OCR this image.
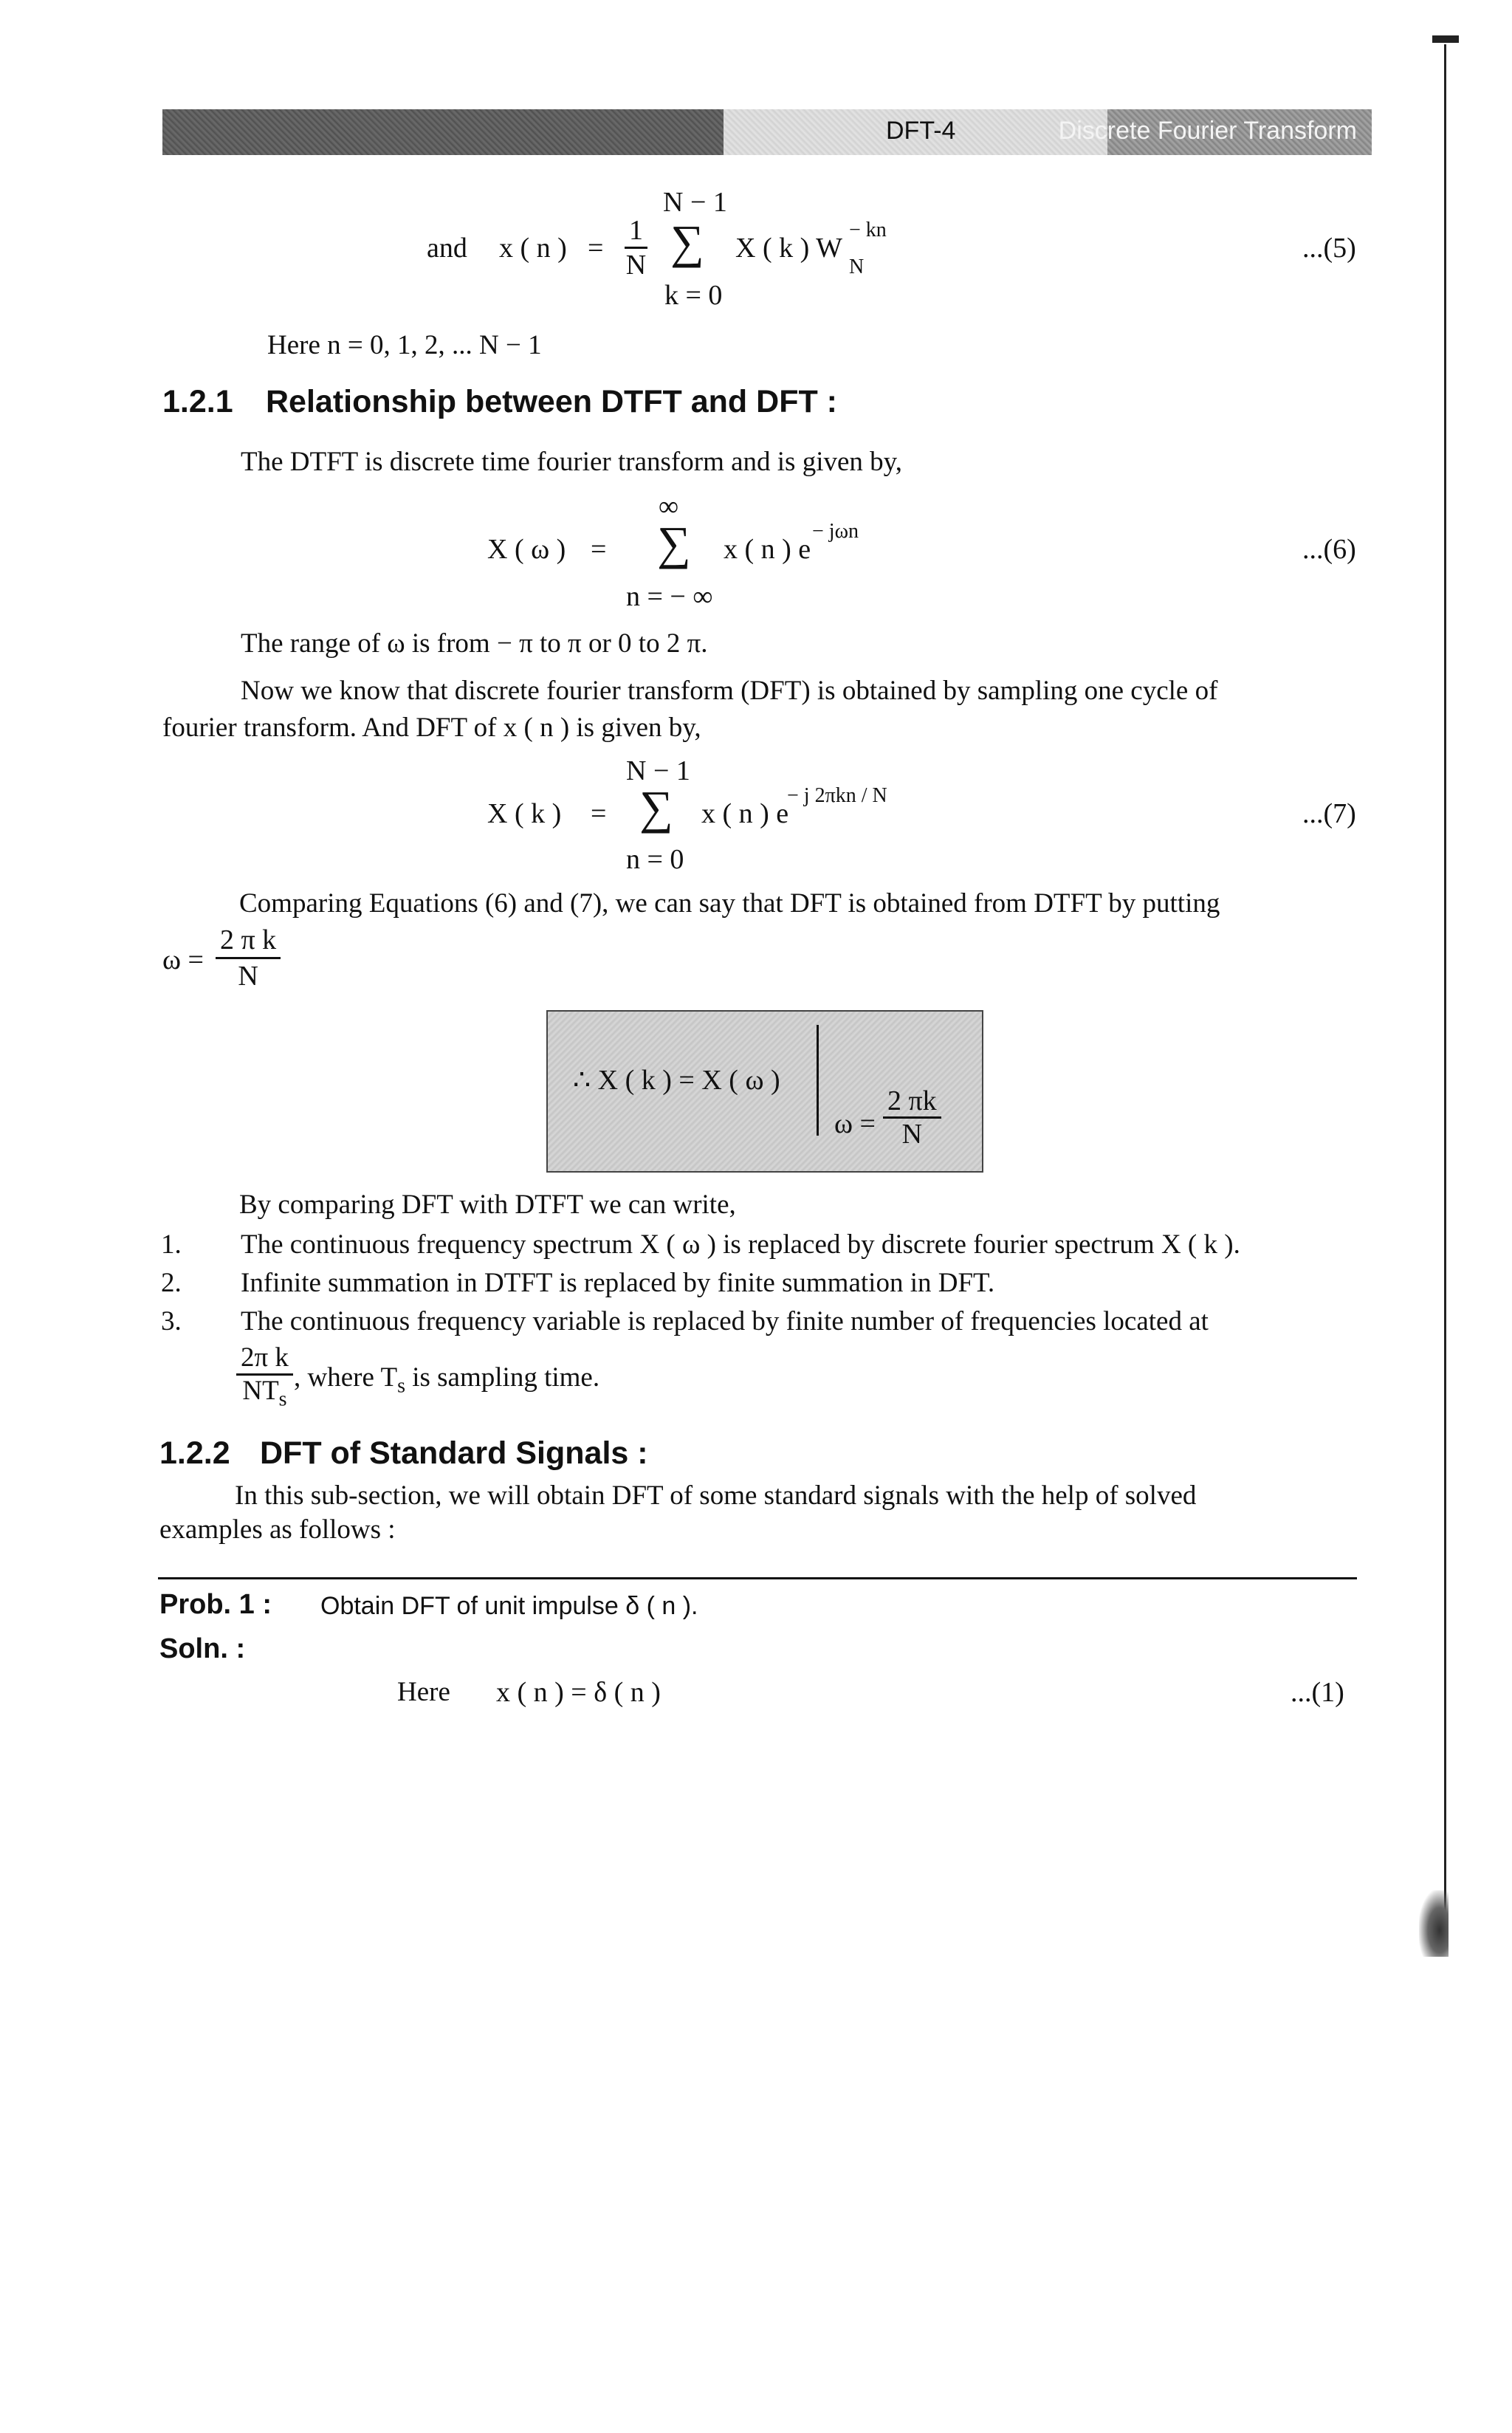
DFT-4	Discrete Fourier Transform
and x ( n ) = $\frac{1}{N}$
N − 1
∑ X ( k ) W
− kn
N
k = 0
...(5)
Here n = 0, 1, 2, ... N − 1
1.2.1 Relationship between DTFT and DFT :
The DTFT is discrete time fourier transform and is given by,
X ( ω ) =
∞
∑ x ( n ) e
− jωn
n = − ∞
...(6)
The range of ω is from − π to π or 0 to 2 π.
Now we know that discrete fourier transform (DFT) is obtained by sampling one cycle of
fourier transform. And DFT of x ( n ) is given by,
X ( k ) =
N − 1
∑ x ( n ) e
− j 2πkn / N
n = 0
...(7)
Comparing Equations (6) and (7), we can say that DFT is obtained from DTFT by putting
$\omega = \frac{\text{2 π k}}{N}$
∴ X ( k ) = X ( ω )
$\omega = \frac{2 \pi k}{N}$
By comparing DFT with DTFT we can write,
1. The continuous frequency spectrum X ( ω ) is replaced by discrete fourier spectrum X ( k ).
2. Infinite summation in DTFT is replaced by finite summation in DFT.
3. The continuous frequency variable is replaced by finite number of frequencies located at
2π k
$NT_s$
, where $T_s$ is sampling time.
1.2.2 DFT of Standard Signals :
In this sub-section, we will obtain DFT of some standard signals with the help of solved
examples as follows :
Prob. 1 : Obtain DFT of unit impulse δ ( n ).
Soln. :
Here x ( n ) = δ ( n )	...(1)
